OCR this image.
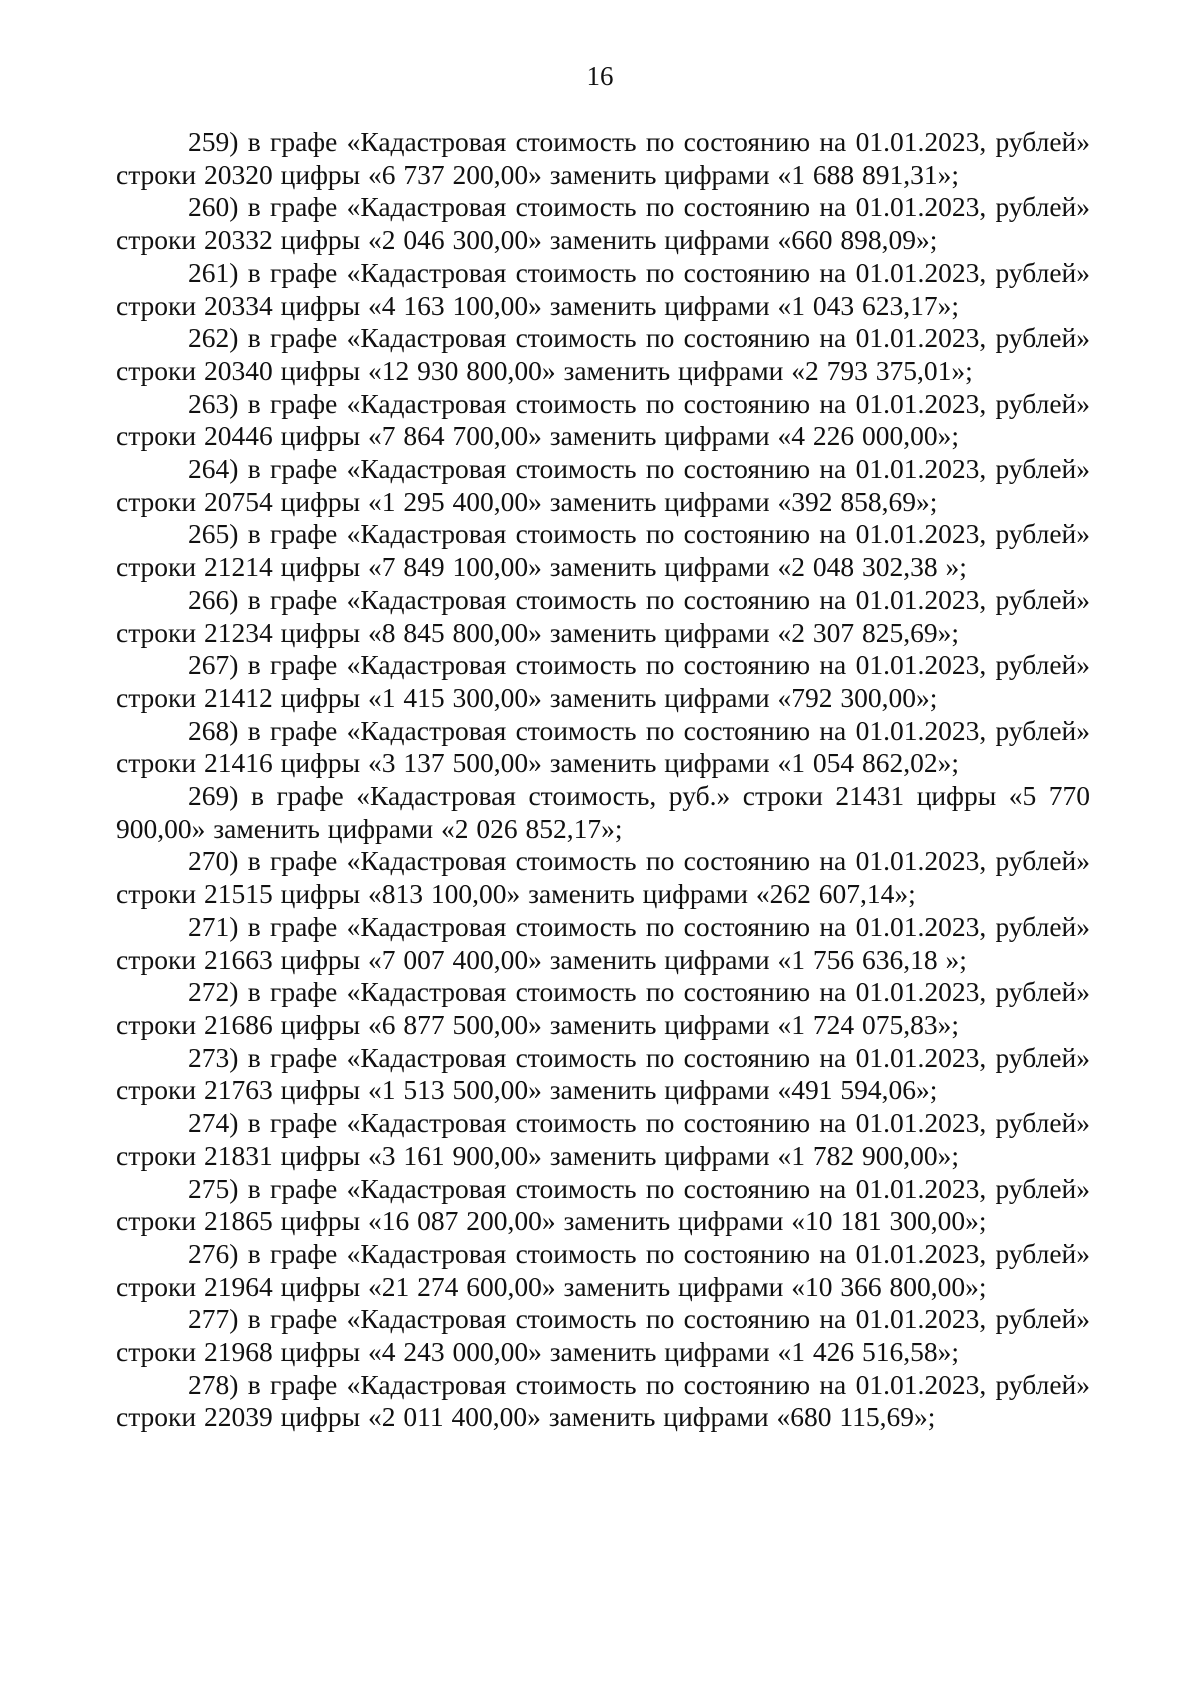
16

259) в графе «Кадастровая стоимость по состоянию на 01.01.2023, рублей» строки 20320 цифры «6 737 200,00» заменить цифрами «1 688 891,31»;

260) в графе «Кадастровая стоимость по состоянию на 01.01.2023, рублей» строки 20332 цифры «2 046 300,00» заменить цифрами «660 898,09»;

261) в графе «Кадастровая стоимость по состоянию на 01.01.2023, рублей» строки 20334 цифры «4 163 100,00» заменить цифрами «1 043 623,17»;

262) в графе «Кадастровая стоимость по состоянию на 01.01.2023, рублей» строки 20340 цифры «12 930 800,00» заменить цифрами «2 793 375,01»;

263) в графе «Кадастровая стоимость по состоянию на 01.01.2023, рублей» строки 20446 цифры «7 864 700,00» заменить цифрами «4 226 000,00»;

264) в графе «Кадастровая стоимость по состоянию на 01.01.2023, рублей» строки 20754 цифры «1 295 400,00» заменить цифрами «392 858,69»;

265) в графе «Кадастровая стоимость по состоянию на 01.01.2023, рублей» строки 21214 цифры «7 849 100,00» заменить цифрами «2 048 302,38 »;

266) в графе «Кадастровая стоимость по состоянию на 01.01.2023, рублей» строки 21234 цифры «8 845 800,00» заменить цифрами «2 307 825,69»;

267) в графе «Кадастровая стоимость по состоянию на 01.01.2023, рублей» строки 21412 цифры «1 415 300,00» заменить цифрами «792 300,00»;

268) в графе «Кадастровая стоимость по состоянию на 01.01.2023, рублей» строки 21416 цифры «3 137 500,00» заменить цифрами «1 054 862,02»;

269) в графе «Кадастровая стоимость, руб.» строки 21431 цифры «5 770 900,00» заменить цифрами «2 026 852,17»;

270) в графе «Кадастровая стоимость по состоянию на 01.01.2023, рублей» строки 21515 цифры «813 100,00» заменить цифрами «262 607,14»;

271) в графе «Кадастровая стоимость по состоянию на 01.01.2023, рублей» строки 21663 цифры «7 007 400,00» заменить цифрами «1 756 636,18 »;

272) в графе «Кадастровая стоимость по состоянию на 01.01.2023, рублей» строки 21686 цифры «6 877 500,00» заменить цифрами «1 724 075,83»;

273) в графе «Кадастровая стоимость по состоянию на 01.01.2023, рублей» строки 21763 цифры «1 513 500,00» заменить цифрами «491 594,06»;

274) в графе «Кадастровая стоимость по состоянию на 01.01.2023, рублей» строки 21831 цифры «3 161 900,00» заменить цифрами «1 782 900,00»;

275) в графе «Кадастровая стоимость по состоянию на 01.01.2023, рублей» строки 21865 цифры «16 087 200,00» заменить цифрами «10 181 300,00»;

276) в графе «Кадастровая стоимость по состоянию на 01.01.2023, рублей» строки 21964 цифры «21 274 600,00» заменить цифрами «10 366 800,00»;

277) в графе «Кадастровая стоимость по состоянию на 01.01.2023, рублей» строки 21968 цифры «4 243 000,00» заменить цифрами «1 426 516,58»;

278) в графе «Кадастровая стоимость по состоянию на 01.01.2023, рублей» строки 22039 цифры «2 011 400,00» заменить цифрами «680 115,69»;
